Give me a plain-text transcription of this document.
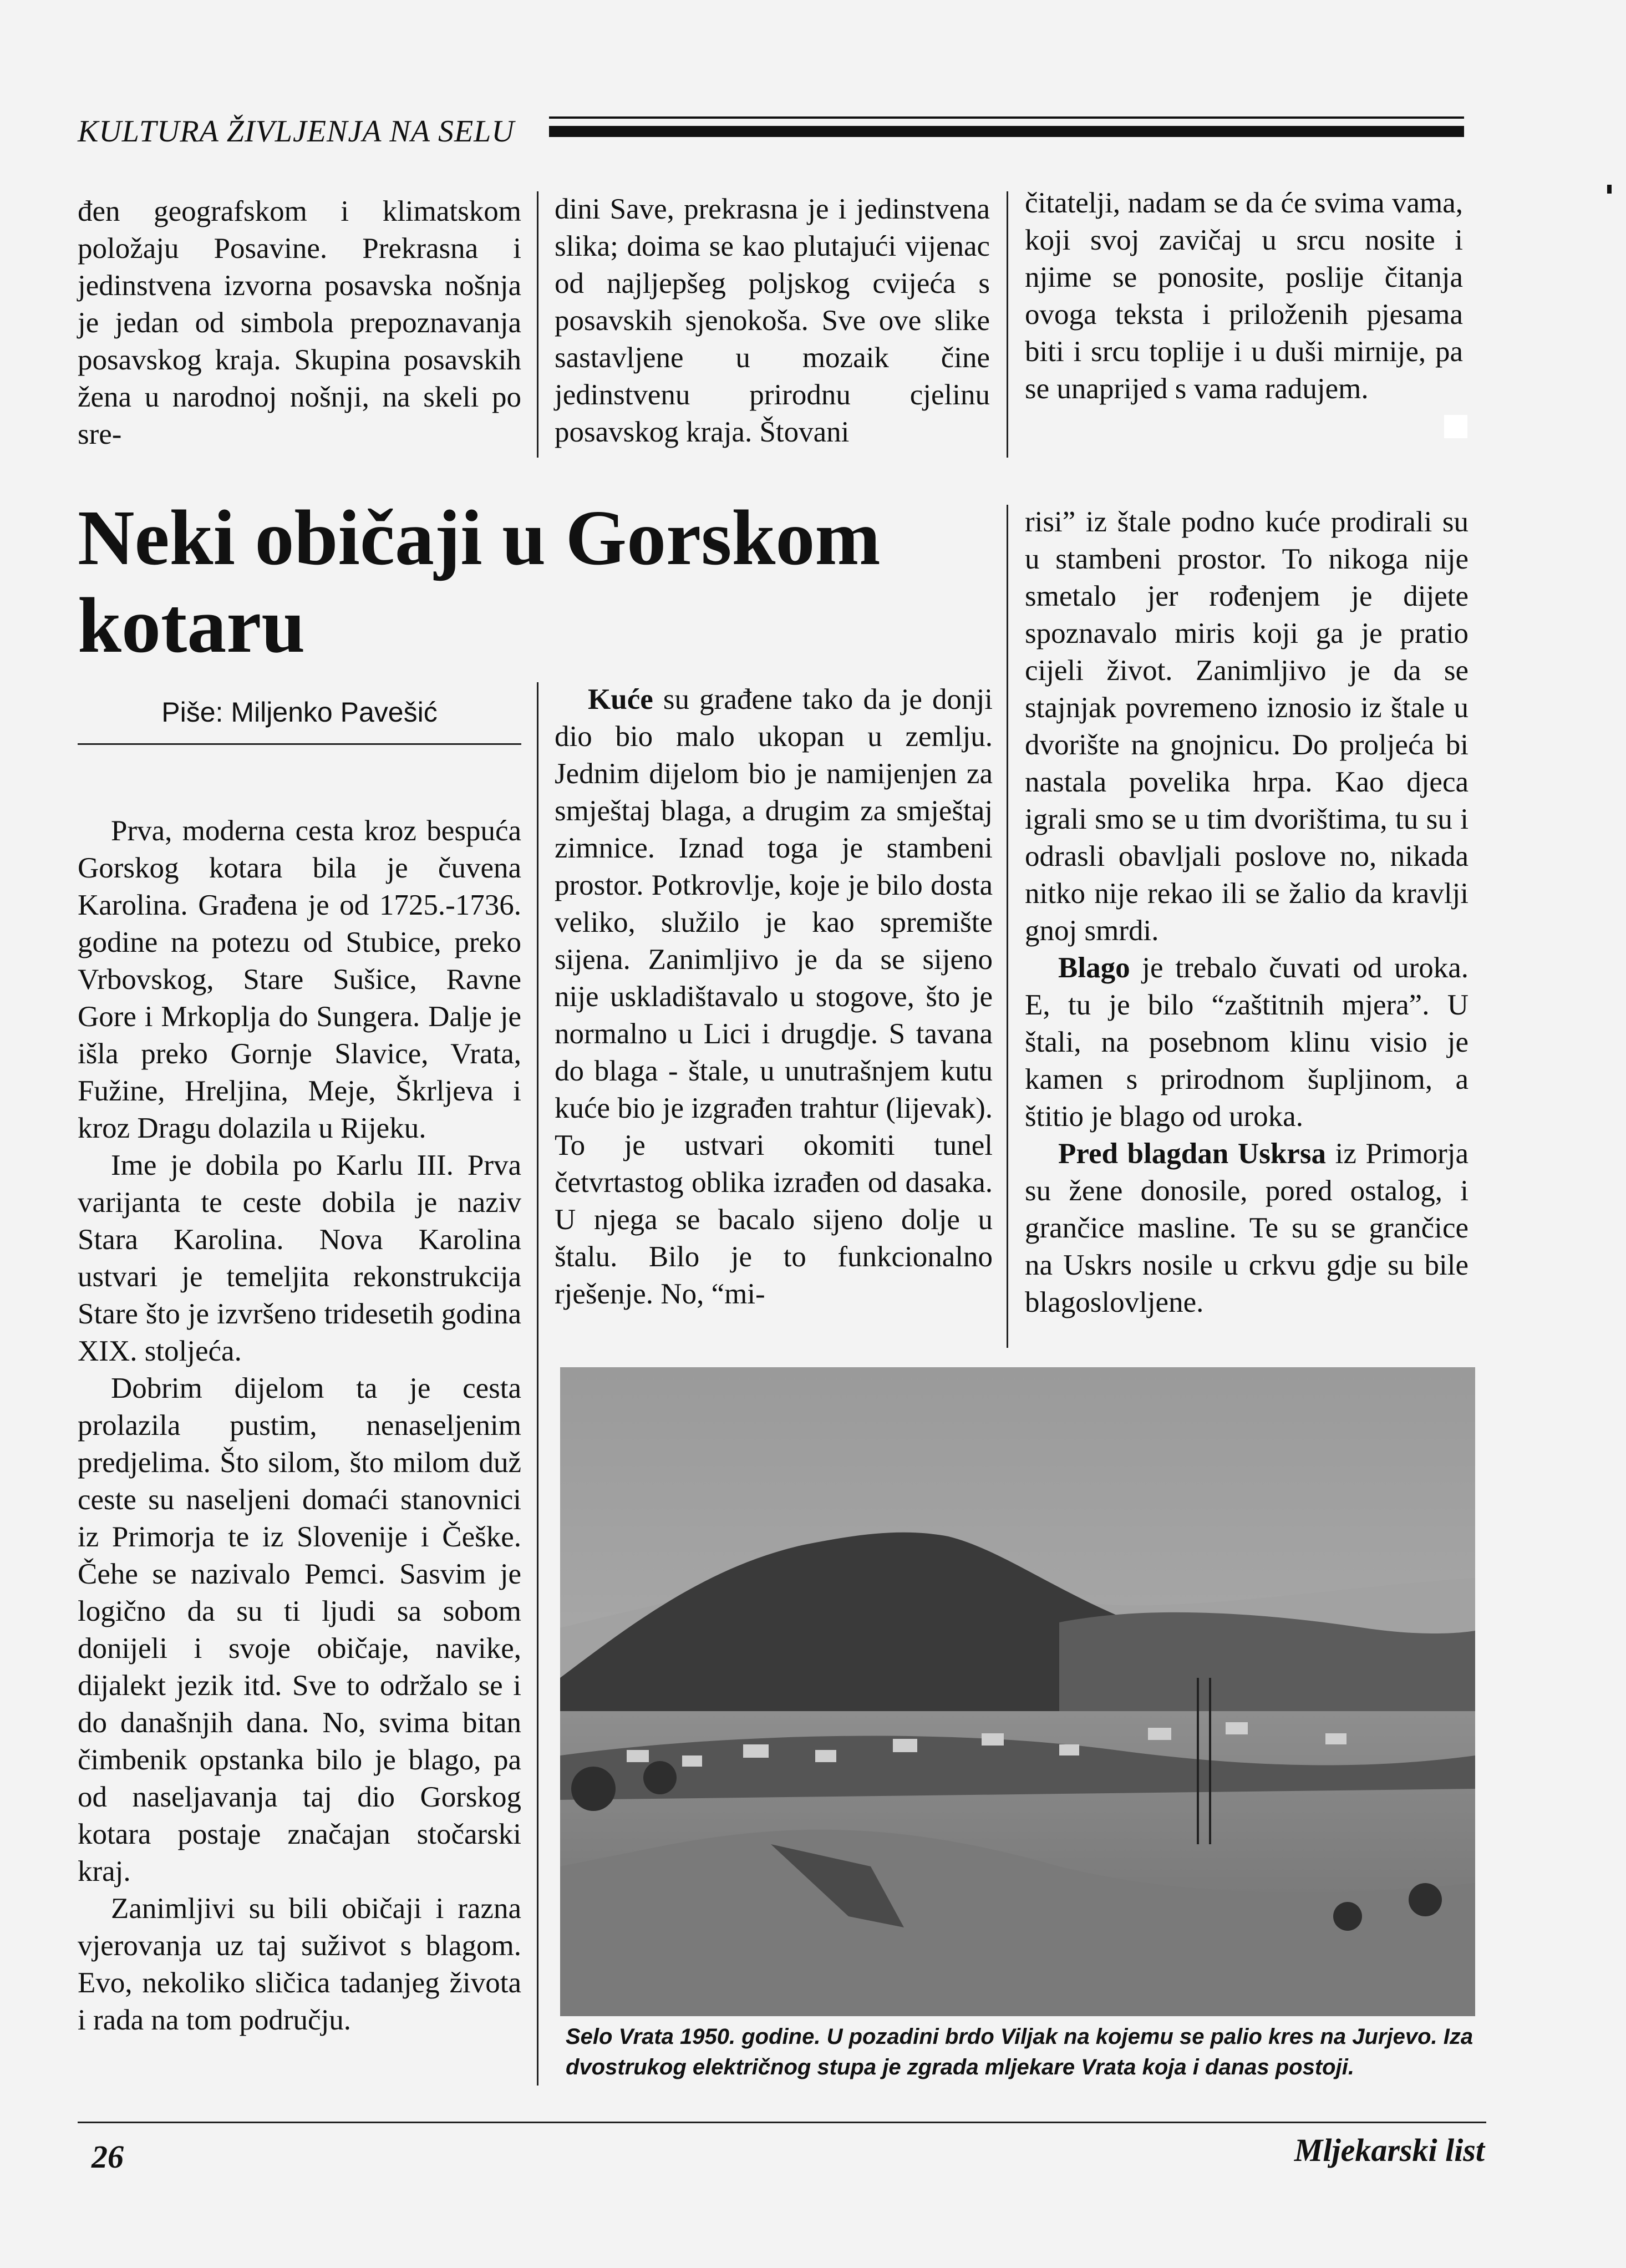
KULTURA ŽIVLJENJA NA SELU

đen geografskom i klimatskom položaju Posavine. Prekrasna i jedinstvena izvorna posavska nošnja je jedan od simbola prepoznavanja posavskog kraja. Skupina posavskih žena u narodnoj nošnji, na skeli po sre-

dini Save, prekrasna je i jedinstvena slika; doima se kao plutajući vijenac od najljepšeg poljskog cvijeća s posavskih sjenokoša. Sve ove slike sastavljene u mozaik čine jedinstvenu prirodnu cjelinu posavskog kraja. Štovani

čitatelji, nadam se da će svima vama, koji svoj zavičaj u srcu nosite i njime se ponosite, poslije čitanja ovoga teksta i priloženih pjesama biti i srcu toplije i u duši mirnije, pa se unaprijed s vama radujem.

Neki običaji u Gorskom kotaru
Piše: Miljenko Pavešić

Prva, moderna cesta kroz bespuća Gorskog kotara bila je čuvena Karolina. Građena je od 1725.-1736. godine na potezu od Stubice, preko Vrbovskog, Stare Sušice, Ravne Gore i Mrkoplja do Sungera. Dalje je išla preko Gornje Slavice, Vrata, Fužine, Hreljina, Meje, Škrljeva i kroz Dragu dolazila u Rijeku.

Ime je dobila po Karlu III. Prva varijanta te ceste dobila je naziv Stara Karolina. Nova Karolina ustvari je temeljita rekonstrukcija Stare što je izvršeno tridesetih godina XIX. stoljeća.

Dobrim dijelom ta je cesta prolazila pustim, nenaseljenim predjelima. Što silom, što milom duž ceste su naseljeni domaći stanovnici iz Primorja te iz Slovenije i Češke. Čehe se nazivalo Pemci. Sasvim je logično da su ti ljudi sa sobom donijeli i svoje običaje, navike, dijalekt jezik itd. Sve to održalo se i do današnjih dana. No, svima bitan čimbenik opstanka bilo je blago, pa od naseljavanja taj dio Gorskog kotara postaje značajan stočarski kraj.

Zanimljivi su bili običaji i razna vjerovanja uz taj suživot s blagom. Evo, nekoliko sličica tadanjeg života i rada na tom području.

Kuće su građene tako da je donji dio bio malo ukopan u zemlju. Jednim dijelom bio je namijenjen za smještaj blaga, a drugim za smještaj zimnice. Iznad toga je stambeni prostor. Potkrovlje, koje je bilo dosta veliko, služilo je kao spremište sijena. Zanimljivo je da se sijeno nije uskladištavalo u stogove, što je normalno u Lici i drugdje. S tavana do blaga - štale, u unutrašnjem kutu kuće bio je izgrađen trahtur (lijevak). To je ustvari okomiti tunel četvrtastog oblika izrađen od dasaka. U njega se bacalo sijeno dolje u štalu. Bilo je to funkcionalno rješenje. No, “mi-

risi” iz štale podno kuće prodirali su u stambeni prostor. To nikoga nije smetalo jer rođenjem je dijete spoznavalo miris koji ga je pratio cijeli život. Zanimljivo je da se stajnjak povremeno iznosio iz štale u dvorište na gnojnicu. Do proljeća bi nastala povelika hrpa. Kao djeca igrali smo se u tim dvorištima, tu su i odrasli obavljali poslove no, nikada nitko nije rekao ili se žalio da kravlji gnoj smrdi.

Blago je trebalo čuvati od uroka. E, tu je bilo “zaštitnih mjera”. U štali, na posebnom klinu visio je kamen s prirodnom šupljinom, a štitio je blago od uroka.

Pred blagdan Uskrsa iz Primorja su žene donosile, pored ostalog, i grančice masline. Te su se grančice na Uskrs nosile u crkvu gdje su bile blagoslovljene.

Selo Vrata 1950. godine. U pozadini brdo Viljak na kojemu se palio kres na Jurjevo. Iza dvostrukog električnog stupa je zgrada mljekare Vrata koja i danas postoji.
26	Mljekarski list
